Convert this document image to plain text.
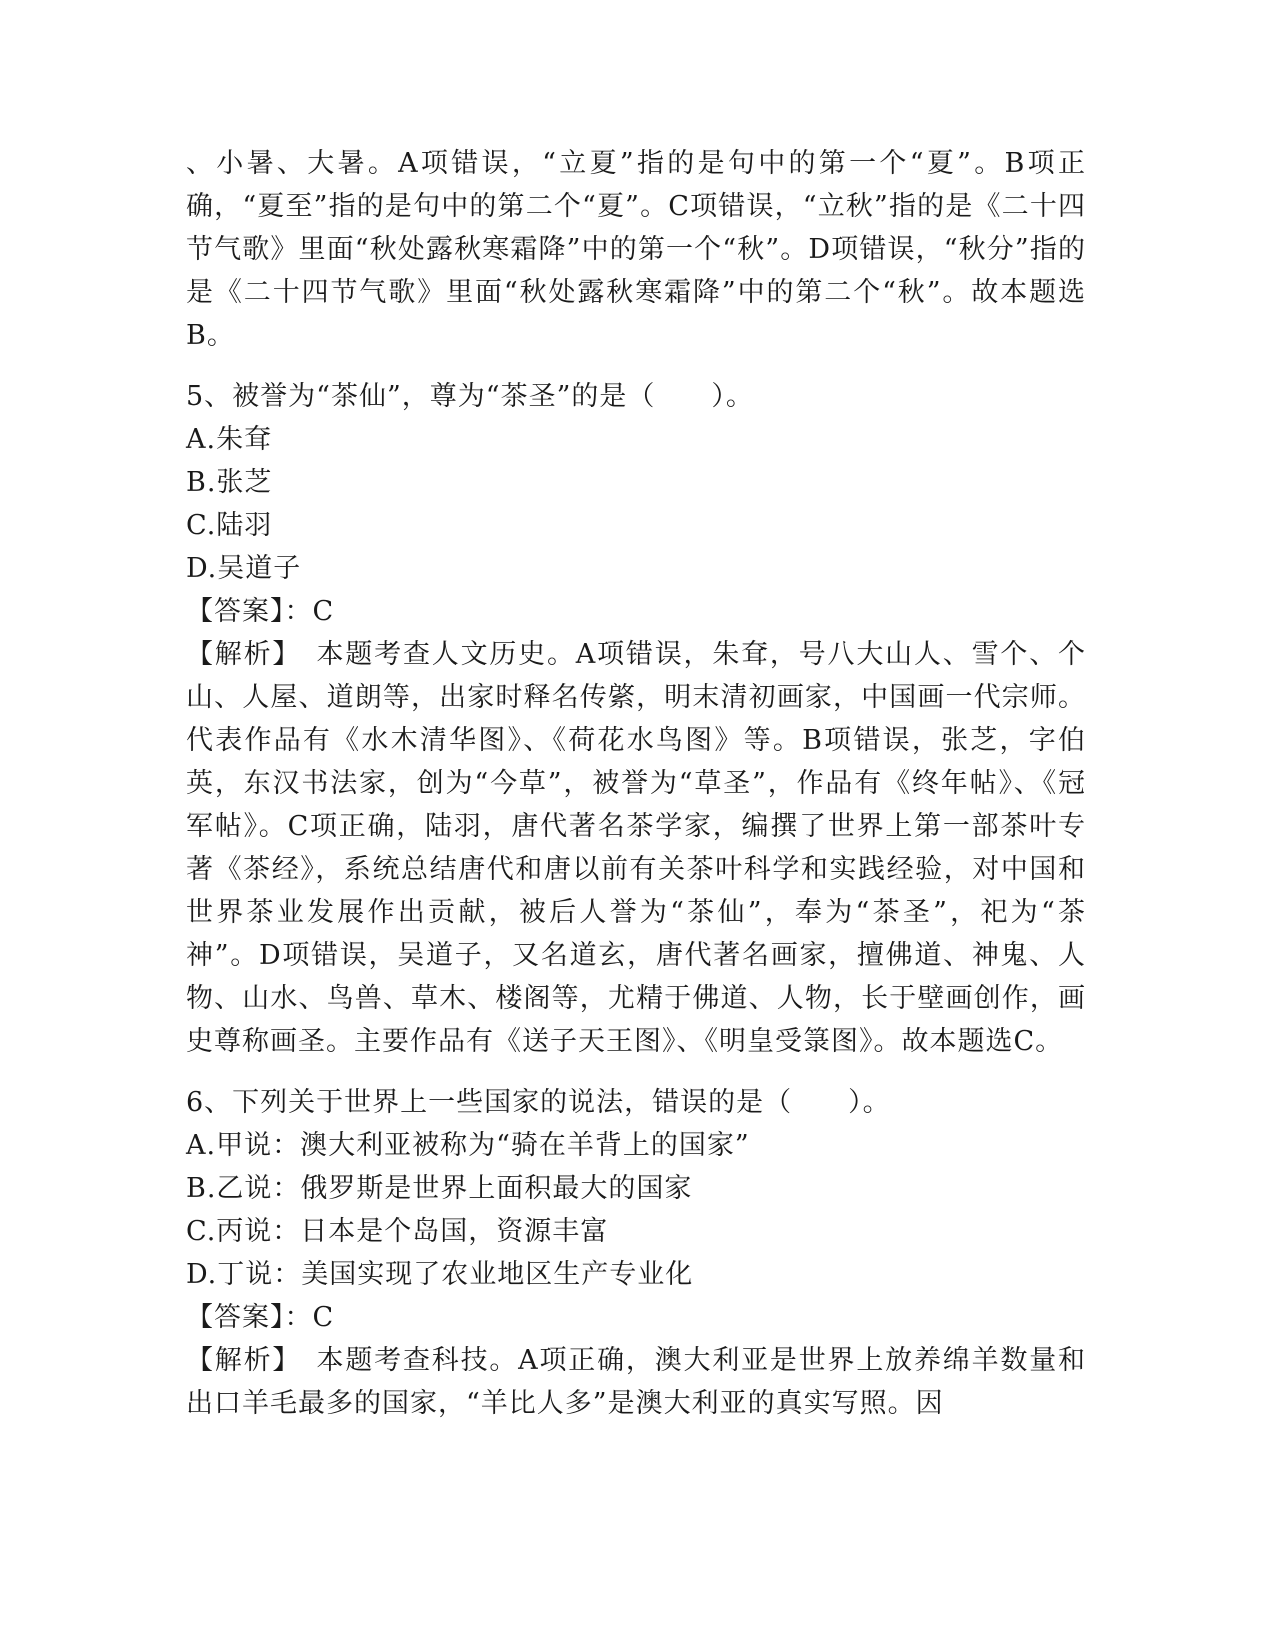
、小暑、大暑。A项错误，“立夏”指的是句中的第一个“夏”。B项正确，“夏至”指的是句中的第二个“夏”。C项错误，“立秋”指的是《二十四节气歌》里面“秋处露秋寒霜降”中的第一个“秋”。D项错误，“秋分”指的是《二十四节气歌》里面“秋处露秋寒霜降”中的第二个“秋”。故本题选B。

5、被誉为“茶仙”，尊为“茶圣”的是（　　）。

A.朱耷

B.张芝

C.陆羽

D.吴道子

【答案】：C

【解析】　本题考查人文历史。A项错误，朱耷，号八大山人、雪个、个山、人屋、道朗等，出家时释名传綮，明末清初画家，中国画一代宗师。代表作品有《水木清华图》、《荷花水鸟图》等。B项错误，张芝，字伯英，东汉书法家，创为“今草”，被誉为“草圣”，作品有《终年帖》、《冠军帖》。C项正确，陆羽，唐代著名茶学家，编撰了世界上第一部茶叶专著《茶经》，系统总结唐代和唐以前有关茶叶科学和实践经验，对中国和世界茶业发展作出贡献，被后人誉为“茶仙”，奉为“茶圣”，祀为“茶神”。D项错误，吴道子，又名道玄，唐代著名画家，擅佛道、神鬼、人物、山水、鸟兽、草木、楼阁等，尤精于佛道、人物，长于壁画创作，画史尊称画圣。主要作品有《送子天王图》、《明皇受箓图》。故本题选C。

6、下列关于世界上一些国家的说法，错误的是（　　）。

A.甲说：澳大利亚被称为“骑在羊背上的国家”

B.乙说：俄罗斯是世界上面积最大的国家

C.丙说：日本是个岛国，资源丰富

D.丁说：美国实现了农业地区生产专业化

【答案】：C

【解析】　本题考查科技。A项正确，澳大利亚是世界上放养绵羊数量和出口羊毛最多的国家，“羊比人多”是澳大利亚的真实写照。因
